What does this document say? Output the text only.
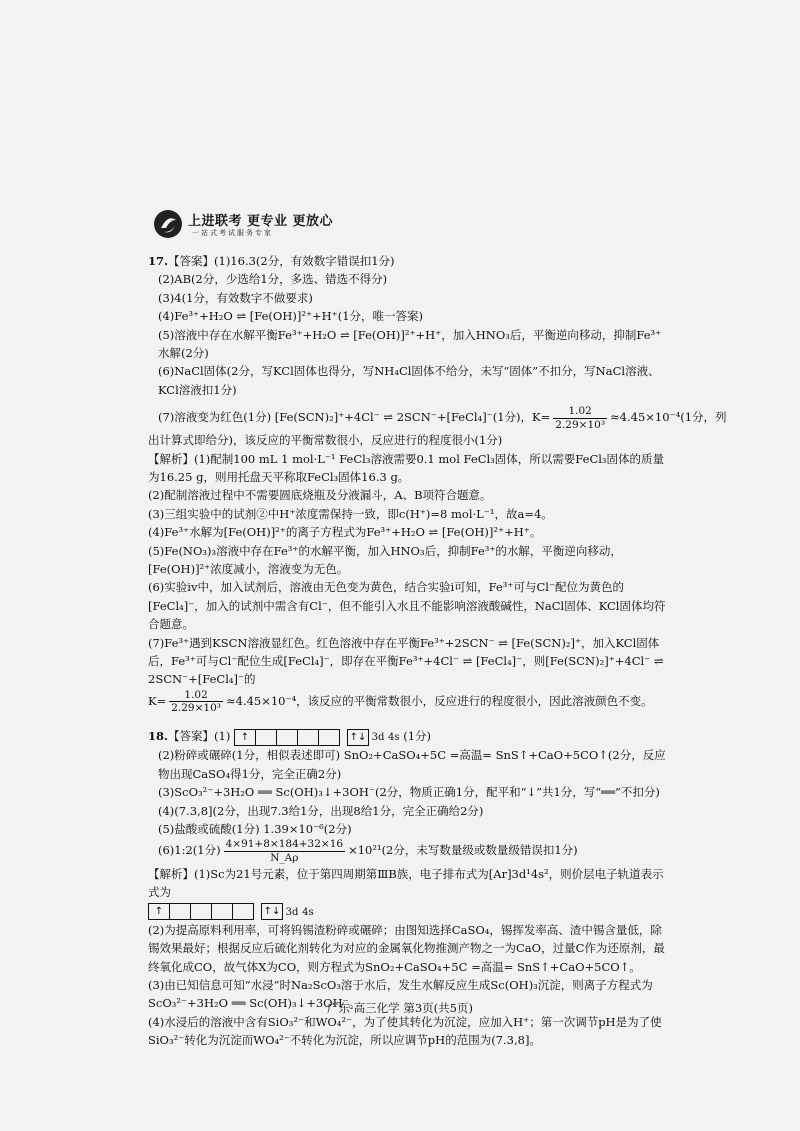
上进联考 更专业 更放心
一站式考试服务专家
17.【答案】(1)16.3(2分，有效数字错误扣1分)
(2)AB(2分，少选给1分，多选、错选不得分)
(3)4(1分，有效数字不做要求)
(4)Fe³⁺+H₂O ⇌ [Fe(OH)]²⁺+H⁺(1分，唯一答案)
(5)溶液中存在水解平衡Fe³⁺+H₂O ⇌ [Fe(OH)]²⁺+H⁺，加入HNO₃后，平衡逆向移动，抑制Fe³⁺水解(2分)
(6)NaCl固体(2分，写KCl固体也得分，写NH₄Cl固体不给分，未写“固体”不扣分，写NaCl溶液、KCl溶液扣1分)
(7)溶液变为红色(1分) [Fe(SCN)₂]⁺+4Cl⁻ ⇌ 2SCN⁻+[FeCl₄]⁻(1分)，$K= \frac{1.02}{\text{2.29×10³}} \approx 4.45\times 10^{-4}(1$分，列
出计算式即给分)，该反应的平衡常数很小，反应进行的程度很小(1分)
【解析】(1)配制100 mL 1 mol·L⁻¹ FeCl₃溶液需要0.1 mol FeCl₃固体，所以需要FeCl₃固体的质量为16.25 g，则用托盘天平称取FeCl₃固体16.3 g。
(2)配制溶液过程中不需要圆底烧瓶及分液漏斗，A、B项符合题意。
(3)三组实验中的试剂②中H⁺浓度需保持一致，即c(H⁺)=8 mol·L⁻¹，故a=4。
(4)Fe³⁺水解为[Fe(OH)]²⁺的离子方程式为Fe³⁺+H₂O ⇌ [Fe(OH)]²⁺+H⁺。
(5)Fe(NO₃)₃溶液中存在Fe³⁺的水解平衡，加入HNO₃后，抑制Fe³⁺的水解，平衡逆向移动，[Fe(OH)]²⁺浓度减小，溶液变为无色。
(6)实验iv中，加入试剂后，溶液由无色变为黄色，结合实验i可知，Fe³⁺可与Cl⁻配位为黄色的[FeCl₄]⁻，加入的试剂中需含有Cl⁻，但不能引入水且不能影响溶液酸碱性，NaCl固体、KCl固体均符合题意。
(7)Fe³⁺遇到KSCN溶液显红色。红色溶液中存在平衡Fe³⁺+2SCN⁻ ⇌ [Fe(SCN)₂]⁺，加入KCl固体后，Fe³⁺可与Cl⁻配位生成[FeCl₄]⁻，即存在平衡Fe³⁺+4Cl⁻ ⇌ [FeCl₄]⁻，则[Fe(SCN)₂]⁺+4Cl⁻ ⇌ 2SCN⁻+[FeCl₄]⁻的
$K= \frac{1.02}{\text{2.29×10³}} \approx 4.45\times 10^{-4}$，该反应的平衡常数很小，反应进行的程度很小，因此溶液颜色不变。
18.【答案】(1) ↑	↑↓ 3d 4s (1分)
(2)粉碎或碾碎(1分，相似表述即可) SnO₂+CaSO₄+5C =高温= SnS↑+CaO+5CO↑(2分，反应物出现CaSO₄得1分，完全正确2分)
(3)ScO₃²⁻+3H₂O ══ Sc(OH)₃↓+3OH⁻(2分，物质正确1分，配平和“↓”共1分，写“══”不扣分)
(4)(7.3,8](2分，出现7.3给1分，出现8给1分，完全正确给2分)
(5)盐酸或硫酸(1分) 1.39×10⁻⁶(2分)
(6)1:2(1分) $\frac{4\times 91+8\times 184+32\times 16}{N\_A\rho} \times 10^{21}(2$分，未写数量级或数量级错误扣1分)
【解析】(1)Sc为21号元素，位于第四周期第ⅢB族，电子排布式为[Ar]3d¹4s²，则价层电子轨道表示式为
↑	↑↓ 3d 4s
(2)为提高原料利用率，可将钨锡渣粉碎或碾碎；由图知选择CaSO₄，锡挥发率高、渣中锡含量低，除锡效果最好；根据反应后硫化剂转化为对应的金属氧化物推测产物之一为CaO，过量C作为还原剂，最终氧化成CO，故气体X为CO，则方程式为SnO₂+CaSO₄+5C =高温= SnS↑+CaO+5CO↑。
(3)由已知信息可知“水浸”时Na₂ScO₃溶于水后，发生水解反应生成Sc(OH)₃沉淀，则离子方程式为ScO₃²⁻+3H₂O ══ Sc(OH)₃↓+3OH⁻。
(4)水浸后的溶液中含有SiO₃²⁻和WO₄²⁻，为了使其转化为沉淀，应加入H⁺；第一次调节pH是为了使SiO₃²⁻转化为沉淀而WO₄²⁻不转化为沉淀，所以应调节pH的范围为(7.3,8]。
广东·高三化学 第3页(共5页)
